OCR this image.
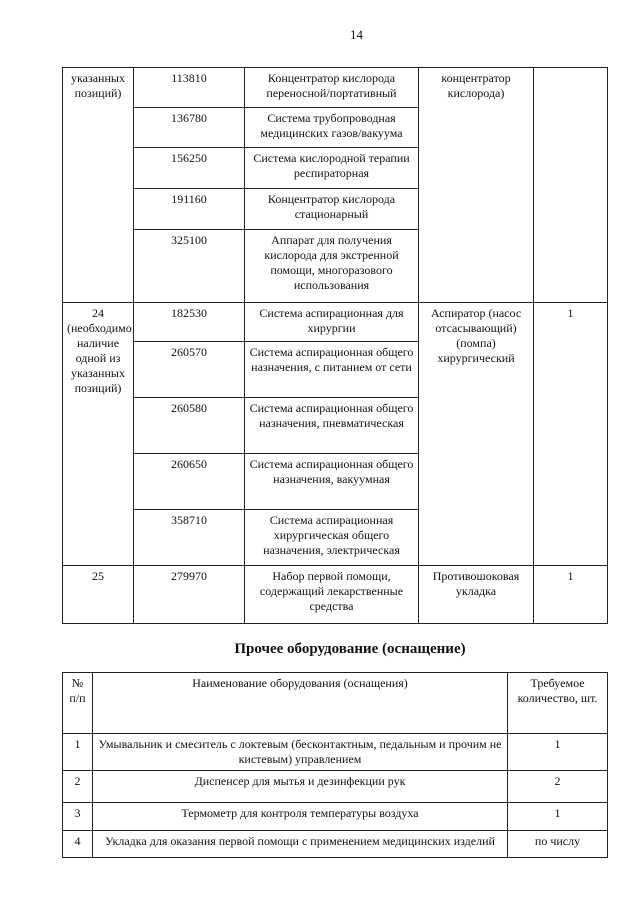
14
указанных позиций)	113810	Концентратор кислорода переносной/портативный	концентратор кислорода)	
	136780	Система трубопроводная медицинских газов/вакуума		
	156250	Система кислородной терапии респираторная		
	191160	Концентратор кислорода стационарный		
	325100	Аппарат для получения кислорода для экстренной помощи, многоразового использования		
24 (необходимо наличие одной из указанных позиций)	182530	Система аспирационная для хирургии	Аспиратор (насос отсасывающий) (помпа) хирургический	1
	260570	Система аспирационная общего назначения, с питанием от сети		
	260580	Система аспирационная общего назначения, пневматическая		
	260650	Система аспирационная общего назначения, вакуумная		
	358710	Система аспирационная хирургическая общего назначения, электрическая		
25	279970	Набор первой помощи, содержащий лекарственные средства	Противошоковая укладка	1
Прочее оборудование (оснащение)
№ п/п	Наименование оборудования (оснащения)	Требуемое количество, шт.
1	Умывальник и смеситель с локтевым (бесконтактным, педальным и прочим не кистевым) управлением	1
2	Диспенсер для мытья и дезинфекции рук	2
3	Термометр для контроля температуры воздуха	1
4	Укладка для оказания первой помощи с применением медицинских изделий	по числу
